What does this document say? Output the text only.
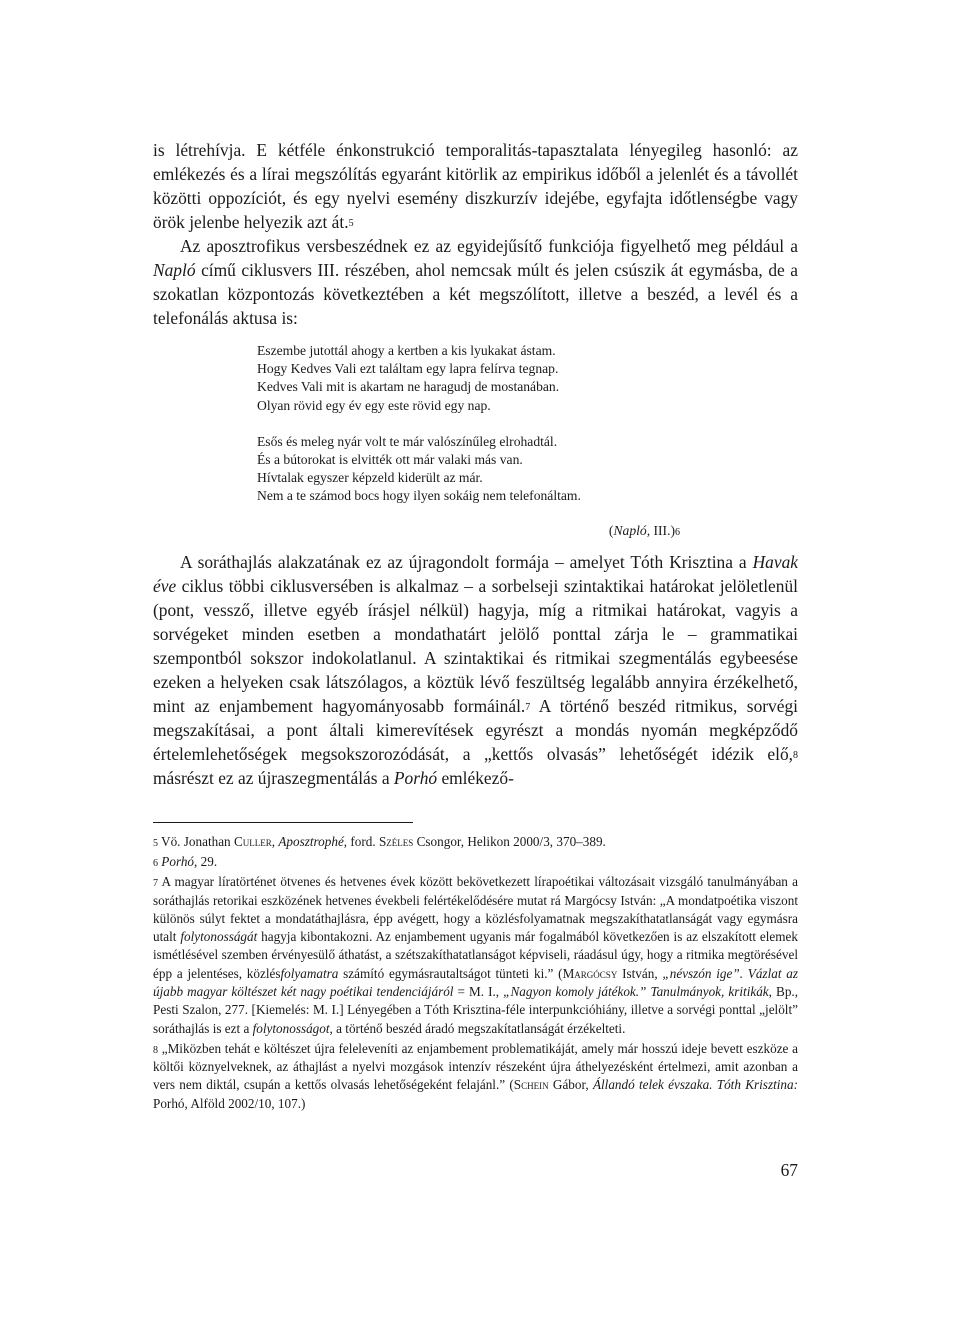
is létrehívja. E kétféle énkonstrukció temporalitás-tapasztalata lényegileg hasonló: az emlékezés és a lírai megszólítás egyaránt kitörlik az empirikus időből a jelenlét és a távollét közötti oppozíciót, és egy nyelvi esemény diszkurzív idejébe, egyfajta időtlenségbe vagy örök jelenbe helyezik azt át.$^5$
Az aposztrofikus versbeszédnek ez az egyidejűsítő funkciója figyelhető meg például a Napló című ciklusvers III. részében, ahol nemcsak múlt és jelen csúszik át egymásba, de a szokatlan központozás következtében a két megszólított, illetve a beszéd, a levél és a telefonálás aktusa is:
Eszembe jutottál ahogy a kertben a kis lyukakat ástam.
Hogy Kedves Vali ezt találtam egy lapra felírva tegnap.
Kedves Vali mit is akartam ne haragudj de mostanában.
Olyan rövid egy év egy este rövid egy nap.
Esős és meleg nyár volt te már valószínűleg elrohadtál.
És a bútorokat is elvitték ott már valaki más van.
Hívtalak egyszer képzeld kiderült az már.
Nem a te számod bocs hogy ilyen sokáig nem telefonáltam.
(Napló, III.)$^6$
A soráthajlás alakzatának ez az újragondolt formája – amelyet Tóth Krisztina a Havak éve ciklus többi ciklusversében is alkalmaz – a sorbelseji szintaktikai határokat jelöletlenül (pont, vessző, illetve egyéb írásjel nélkül) hagyja, míg a ritmikai határokat, vagyis a sorvégeket minden esetben a mondathatárt jelölő ponttal zárja le – grammatikai szempontból sokszor indokolatlanul. A szintaktikai és ritmikai szegmentálás egybeesése ezeken a helyeken csak látszólagos, a köztük lévő feszültség legalább annyira érzékelhető, mint az enjambement hagyományosabb formáinál.$^7$ A történő beszéd ritmikus, sorvégi megszakításai, a pont általi kimerevítések egyrészt a mondás nyomán megképződő értelemlehetőségek megsokszorozódását, a „kettős olvasás” lehetőségét idézik elő,$^8$ másrészt ez az újraszegmentálás a Porhó emlékező-
$^5$ Vö. Jonathan Culler, Aposztrophé, ford. Széles Csongor, Helikon 2000/3, 370–389.
$^6$ Porhó, 29.
$^7$ A magyar líratörténet ötvenes és hetvenes évek között bekövetkezett lírapoétikai változásait vizsgáló tanulmányában a soráthajlás retorikai eszközének hetvenes évekbeli felértékelődésére mutat rá Margócsy István: „A mondatpoétika viszont különös súlyt fektet a mondatáthajlásra, épp avégett, hogy a közlésfolyamatnak megszakíthatatlanságát vagy egymásra utalt folytonosságát hagyja kibontakozni. Az enjambement ugyanis már fogalmából következően is az elszakított elemek ismétlésével szemben érvényesülő áthatást, a szétszakíthatatlanságot képviseli, ráadásul úgy, hogy a ritmika megtörésével épp a jelentéses, közlésfolyamatra számító egymásrautaltságot tünteti ki.” (Margócsy István, „névszón ige”. Vázlat az újabb magyar költészet két nagy poétikai tendenciájáról = M. I., „Nagyon komoly játékok.” Tanulmányok, kritikák, Bp., Pesti Szalon, 277. [Kiemelés: M. I.] Lényegében a Tóth Krisztina-féle interpunkcióhiány, illetve a sorvégi ponttal „jelölt” soráthajlás is ezt a folytonosságot, a történő beszéd áradó megszakítatlanságát érzékelteti.
$^8$ „Miközben tehát e költészet újra feleleveníti az enjambement problematikáját, amely már hosszú ideje bevett eszköze a költői köznyelveknek, az áthajlást a nyelvi mozgások intenzív részeként újra áthelyezésként értelmezi, amit azonban a vers nem diktál, csupán a kettős olvasás lehetőségeként felajánl.” (Schein Gábor, Állandó telek évszaka. Tóth Krisztina: Porhó, Alföld 2002/10, 107.)
67
